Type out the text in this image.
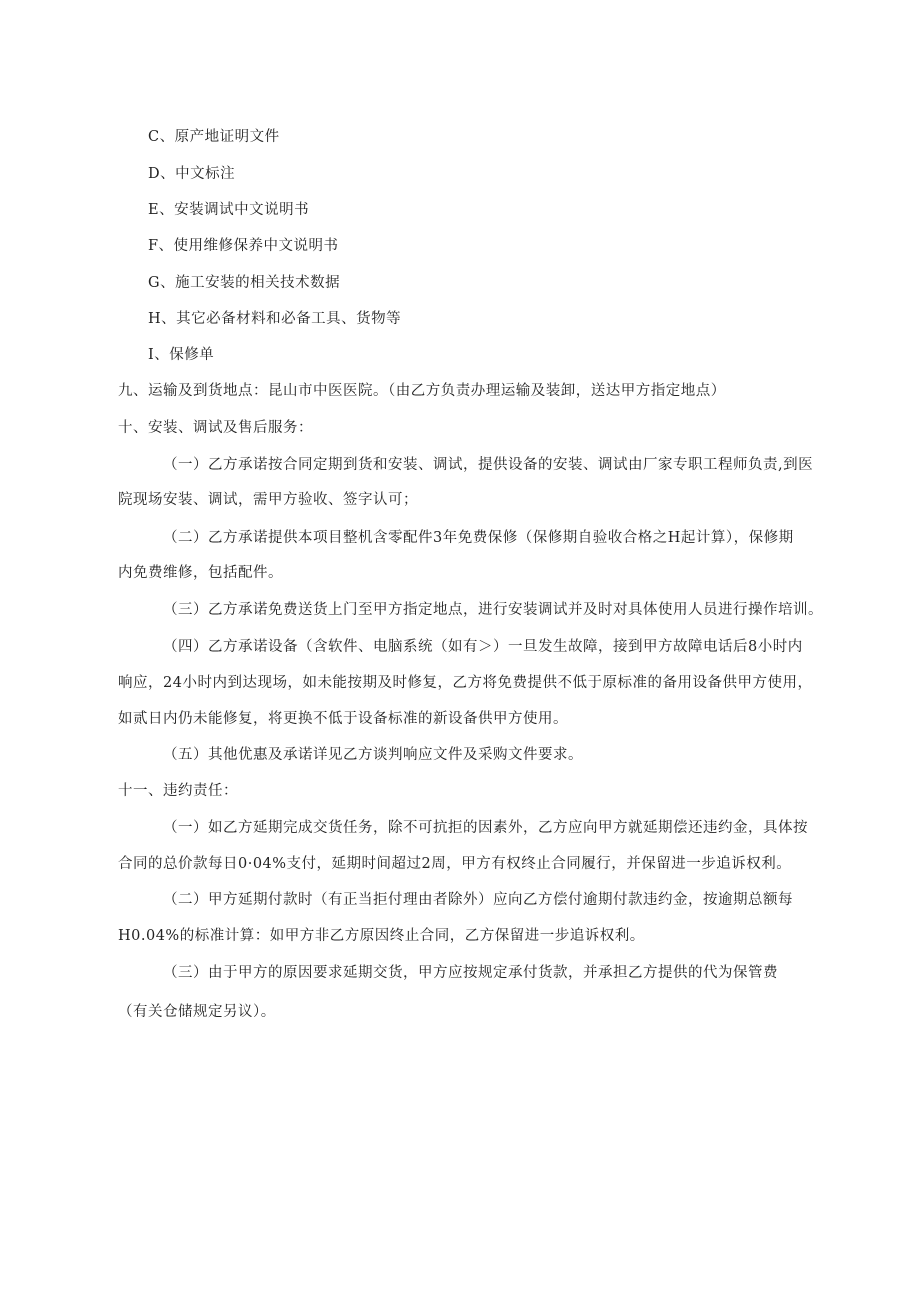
C、原产地证明文件
D、中文标注
E、安装调试中文说明书
F、使用维修保养中文说明书
G、施工安装的相关技术数据
H、其它必备材料和必备工具、货物等
I、保修单
九、运输及到货地点：昆山市中医医院。（由乙方负责办理运输及装卸，送达甲方指定地点）
十、安装、调试及售后服务：
（一）乙方承诺按合同定期到货和安装、调试，提供设备的安装、调试由厂家专职工程师负责,到医
院现场安装、调试，需甲方验收、签字认可；
（二）乙方承诺提供本项目整机含零配件3年免费保修（保修期自验收合格之H起计算），保修期
内免费维修，包括配件。
（三）乙方承诺免费送货上门至甲方指定地点，进行安装调试并及时对具体使用人员进行操作培训。
（四）乙方承诺设备（含软件、电脑系统（如有＞）一旦发生故障，接到甲方故障电话后8小时内
响应，24小时内到达现场，如未能按期及时修复，乙方将免费提供不低于原标准的备用设备供甲方使用，
如贰日内仍未能修复，将更换不低于设备标准的新设备供甲方使用。
（五）其他优惠及承诺详见乙方谈判响应文件及采购文件要求。
十一、违约责任：
（一）如乙方延期完成交货任务，除不可抗拒的因素外，乙方应向甲方就延期偿还违约金，具体按
合同的总价款每日0·04%支付，延期时间超过2周，甲方有权终止合同履行，并保留进一步追诉权利。
（二）甲方延期付款时（有正当拒付理由者除外）应向乙方偿付逾期付款违约金，按逾期总额每
H0.04%的标准计算：如甲方非乙方原因终止合同，乙方保留进一步追诉权利。
（三）由于甲方的原因要求延期交货，甲方应按规定承付货款，并承担乙方提供的代为保管费
（有关仓储规定另议）。
